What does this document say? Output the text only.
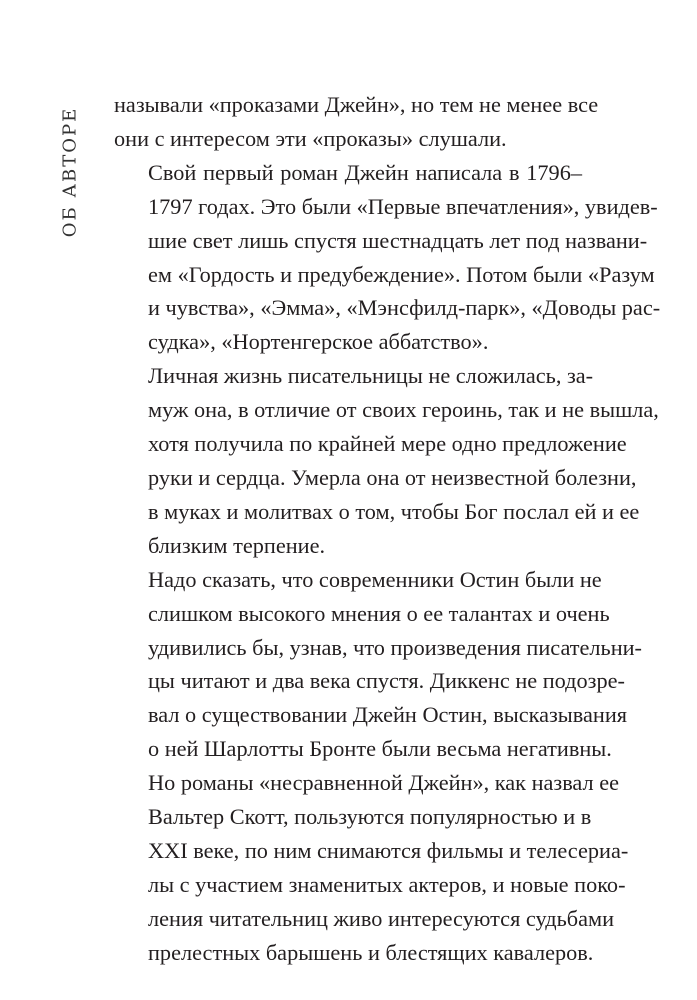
ОБ АВТОРЕ

называли «проказами Джейн», но тем не менее все
они с интересом эти «проказы» слушали.

Свой первый роман Джейн написала в 1796–
1797 годах. Это были «Первые впечатления», увидев-
шие свет лишь спустя шестнадцать лет под названи-
ем «Гордость и предубеждение». Потом были «Разум
и чувства», «Эмма», «Мэнсфилд-парк», «Доводы рас-
судка», «Нортенгерское аббатство».

Личная жизнь писательницы не сложилась, за-
муж она, в отличие от своих героинь, так и не вышла,
хотя получила по крайней мере одно предложение
руки и сердца. Умерла она от неизвестной болезни,
в муках и молитвах о том, чтобы Бог послал ей и ее
близким терпение.

Надо сказать, что современники Остин были не
слишком высокого мнения о ее талантах и очень
удивились бы, узнав, что произведения писательни-
цы читают и два века спустя. Диккенс не подозре-
вал о существовании Джейн Остин, высказывания
о ней Шарлотты Бронте были весьма негативны.
Но романы «несравненной Джейн», как назвал ее
Вальтер Скотт, пользуются популярностью и в
XXI веке, по ним снимаются фильмы и телесериа-
лы с участием знаменитых актеров, и новые поко-
ления читательниц живо интересуются судьбами
прелестных барышень и блестящих кавалеров.
